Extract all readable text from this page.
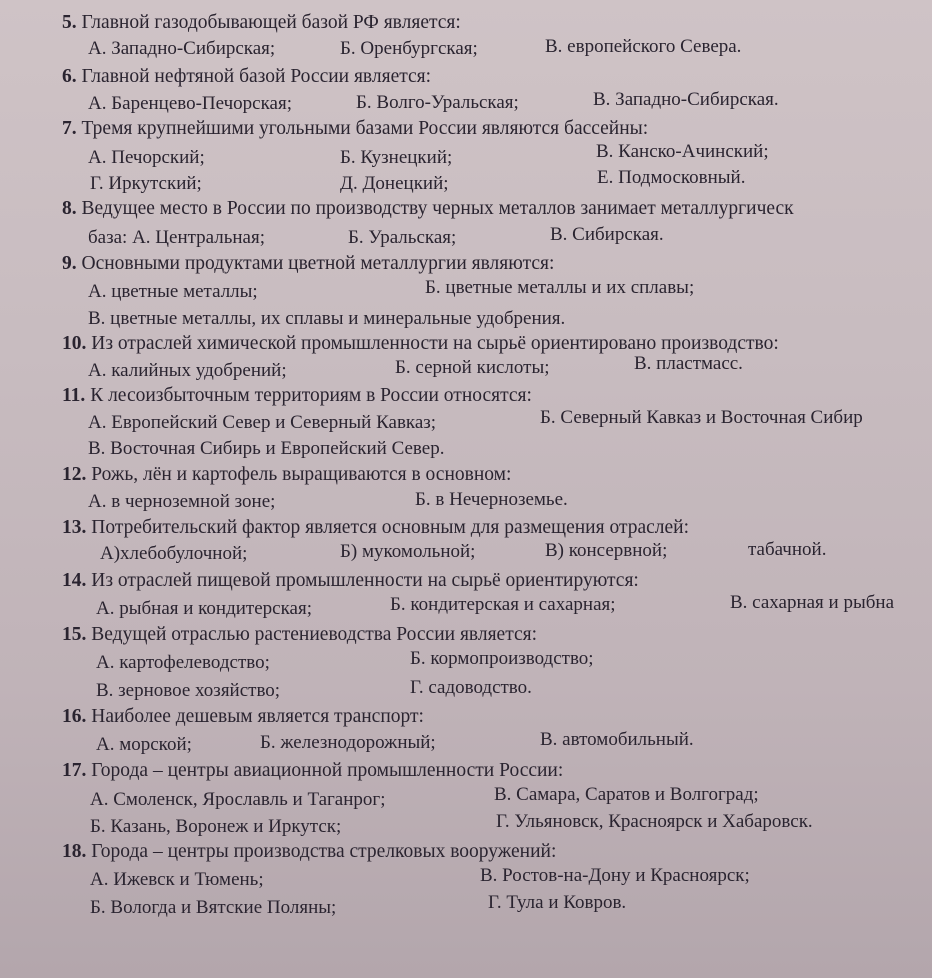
5. Главной газодобывающей базой РФ является:
А. Западно-Сибирская;	Б. Оренбургская;	В. европейского Севера.
6. Главной нефтяной базой России является:
А. Баренцево-Печорская;	Б. Волго-Уральская;	В. Западно-Сибирская.
7. Тремя крупнейшими угольными базами России являются бассейны:
А. Печорский;	Б. Кузнецкий;	В. Канско-Ачинский;
Г. Иркутский;	Д. Донецкий;	Е. Подмосковный.
8. Ведущее место в России по производству черных металлов занимает металлургическ
база: А. Центральная;	Б. Уральская;	В. Сибирская.
9. Основными продуктами цветной металлургии являются:
А. цветные металлы;	Б. цветные металлы и их сплавы;
В. цветные металлы, их сплавы и минеральные удобрения.
10. Из отраслей химической промышленности на сырьё ориентировано производство:
А. калийных удобрений;	Б. серной кислоты;	В. пластмасс.
11. К лесоизбыточным территориям в России относятся:
А. Европейский Север и Северный Кавказ;	Б. Северный Кавказ и Восточная Сибир
В. Восточная Сибирь и Европейский Север.
12. Рожь, лён и картофель выращиваются в основном:
А. в черноземной зоне;	Б. в Нечерноземье.
13. Потребительский фактор является основным для размещения отраслей:
А)хлебобулочной;	Б) мукомольной;	В) консервной;	табачной.
14. Из отраслей пищевой промышленности на сырьё ориентируются:
А. рыбная и кондитерская;	Б. кондитерская и сахарная;	В. сахарная и рыбна
15. Ведущей отраслью растениеводства России является:
А. картофелеводство;	Б. кормопроизводство;
В. зерновое хозяйство;	Г. садоводство.
16. Наиболее дешевым является транспорт:
А. морской;	Б. железнодорожный;	В. автомобильный.
17. Города – центры авиационной промышленности России:
А. Смоленск, Ярославль и Таганрог;	В. Самара, Саратов и Волгоград;
Б. Казань, Воронеж и Иркутск;	Г. Ульяновск, Красноярск и Хабаровск.
18. Города – центры производства стрелковых вооружений:
А. Ижевск и Тюмень;	В. Ростов-на-Дону и Красноярск;
Б. Вологда и Вятские Поляны;	Г. Тула и Ковров.
